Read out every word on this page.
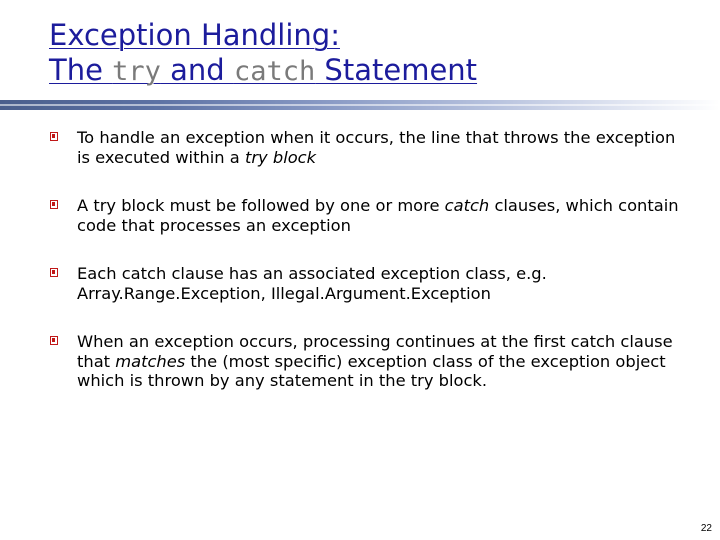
Exception Handling:
The try and catch Statement
To handle an exception when it occurs, the line that throws the exception is executed within a try block
A try block must be followed by one or more catch clauses, which contain code that processes an exception
Each catch clause has an associated exception class, e.g. Array.Range.Exception, Illegal.Argument.Exception
When an exception occurs, processing continues at the first catch clause that matches the (most specific) exception class of the exception object which is thrown by any statement in the try block.
22
